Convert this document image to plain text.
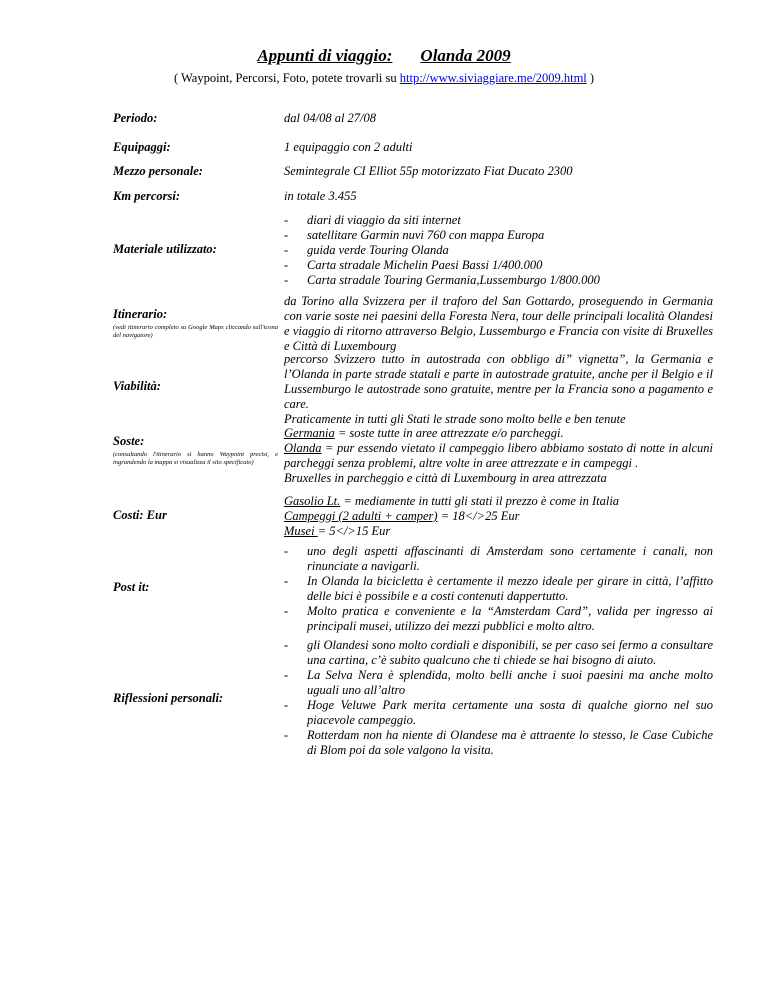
Appunti di viaggio: Olanda 2009
( Waypoint, Percorsi, Foto, potete trovarli su http://www.siviaggiare.me/2009.html )
Periodo:	dal 04/08 al 27/08
Equipaggi:	1 equipaggio con 2 adulti
Mezzo personale:	Semintegrale CI Elliot 55p motorizzato Fiat Ducato 2300
Km percorsi:	in totale 3.455
Materiale utilizzato:
- diari di viaggio da siti internet
- satellitare Garmin nuvi 760 con mappa Europa
- guida verde Touring Olanda
- Carta stradale Michelin Paesi Bassi 1/400.000
- Carta stradale Touring Germania,Lussemburgo 1/800.000
Itinerario:
(vedi itinerario completo su Google Maps cliccando sull'icona del navigatore)
da Torino alla Svizzera per il traforo del San Gottardo, proseguendo in Germania con varie soste nei paesini della Foresta Nera, tour delle principali località Olandesi e viaggio di ritorno attraverso Belgio, Lussemburgo e Francia con visite di Bruxelles e Città di Luxembourg
Viabilità:

percorso Svizzero tutto in autostrada con obbligo di” vignetta”, la Germania e l’Olanda in parte strade statali e parte in autostrade gratuite, anche per il Belgio e il Lussemburgo le autostrade sono gratuite, mentre per la Francia sono a pagamento e care.

Praticamente in tutti gli Stati le strade sono molto belle e ben tenute

Soste:
(consultando l'itinerario si hanno Waypoint precisi, e ingrandendo la mappa si visualizza il sito specificato)

Germania = soste tutte in aree attrezzate e/o parcheggi.

Olanda = pur essendo vietato il campeggio libero abbiamo sostato di notte in alcuni parcheggi senza problemi, altre volte in aree attrezzate e in campeggi .

Bruxelles in parcheggio e città di Luxembourg in area attrezzata

Costi: Eur

Gasolio Lt. = mediamente in tutti gli stati il prezzo è come in Italia

Campeggi (2 adulti + camper) = 18</>25 Eur

Musei = 5</>15 Eur

Post it:
- uno degli aspetti affascinanti di Amsterdam sono certamente i canali, non rinunciate a navigarli.
- In Olanda la bicicletta è certamente il mezzo ideale per girare in città, l’affitto delle bici è possibile e a costi contenuti dappertutto.
- Molto pratica e conveniente e la “Amsterdam Card”, valida per ingresso ai principali musei, utilizzo dei mezzi pubblici e molto altro.
Riflessioni personali:
- gli Olandesi sono molto cordiali e disponibili, se per caso sei fermo a consultare una cartina, c’è subito qualcuno che ti chiede se hai bisogno di aiuto.
- La Selva Nera è splendida, molto belli anche i suoi paesini ma anche molto uguali uno all’altro
- Hoge Veluwe Park merita certamente una sosta di qualche giorno nel suo piacevole campeggio.
- Rotterdam non ha niente di Olandese ma è attraente lo stesso, le Case Cubiche di Blom poi da sole valgono la visita.
